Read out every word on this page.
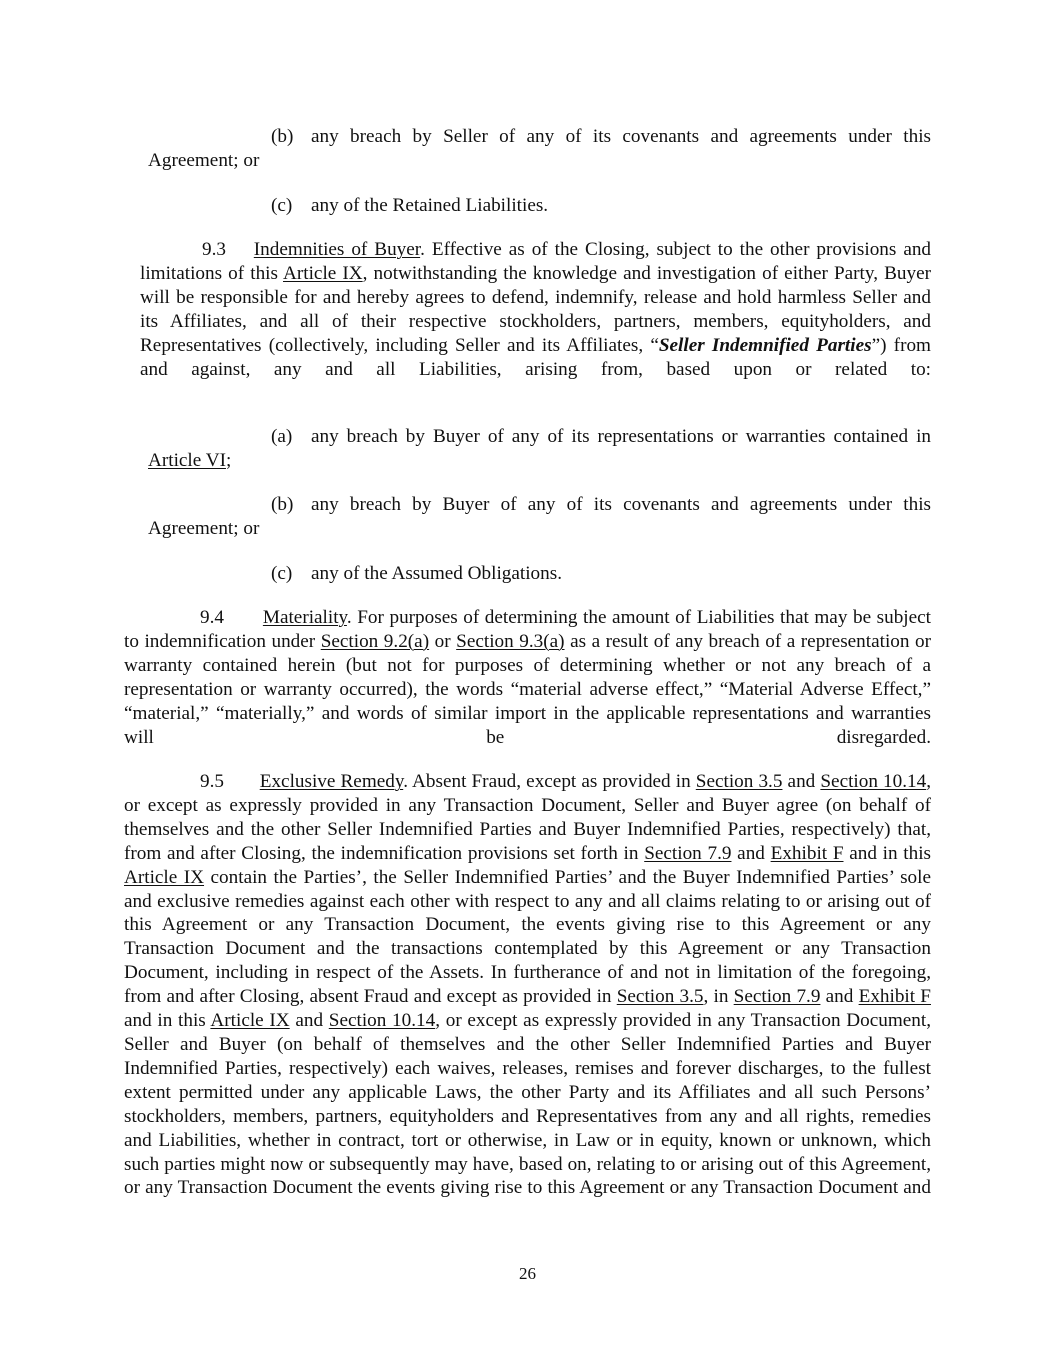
(b) any breach by Seller of any of its covenants and agreements under this
Agreement; or
(c) any of the Retained Liabilities.

9.3 Indemnities of Buyer. Effective as of the Closing, subject to the other provisions and limitations of this Article IX, notwithstanding the knowledge and investigation of either Party, Buyer will be responsible for and hereby agrees to defend, indemnify, release and hold harmless Seller and its Affiliates, and all of their respective stockholders, partners, members, equityholders, and Representatives (collectively, including Seller and its Affiliates, “Seller Indemnified Parties”) from and against, any and all Liabilities, arising from, based upon or related to:

(a) any breach by Buyer of any of its representations or warranties contained in
Article VI;
(b) any breach by Buyer of any of its covenants and agreements under this
Agreement; or
(c) any of the Assumed Obligations.

9.4 Materiality. For purposes of determining the amount of Liabilities that may be subject to indemnification under Section 9.2(a) or Section 9.3(a) as a result of any breach of a representation or warranty contained herein (but not for purposes of determining whether or not any breach of a representation or warranty occurred), the words “material adverse effect,” “Material Adverse Effect,” “material,” “materially,” and words of similar import in the applicable representations and warranties will be disregarded.

9.5 Exclusive Remedy. Absent Fraud, except as provided in Section 3.5 and Section 10.14, or except as expressly provided in any Transaction Document, Seller and Buyer agree (on behalf of themselves and the other Seller Indemnified Parties and Buyer Indemnified Parties, respectively) that, from and after Closing, the indemnification provisions set forth in Section 7.9 and Exhibit F and in this Article IX contain the Parties’, the Seller Indemnified Parties’ and the Buyer Indemnified Parties’ sole and exclusive remedies against each other with respect to any and all claims relating to or arising out of this Agreement or any Transaction Document, the events giving rise to this Agreement or any Transaction Document and the transactions contemplated by this Agreement or any Transaction Document, including in respect of the Assets. In furtherance of and not in limitation of the foregoing, from and after Closing, absent Fraud and except as provided in Section 3.5, in Section 7.9 and Exhibit F and in this Article IX and Section 10.14, or except as expressly provided in any Transaction Document, Seller and Buyer (on behalf of themselves and the other Seller Indemnified Parties and Buyer Indemnified Parties, respectively) each waives, releases, remises and forever discharges, to the fullest extent permitted under any applicable Laws, the other Party and its Affiliates and all such Persons’ stockholders, members, partners, equityholders and Representatives from any and all rights, remedies and Liabilities, whether in contract, tort or otherwise, in Law or in equity, known or unknown, which such parties might now or subsequently may have, based on, relating to or arising out of this Agreement, or any Transaction Document the events giving rise to this Agreement or any Transaction Document and

26
